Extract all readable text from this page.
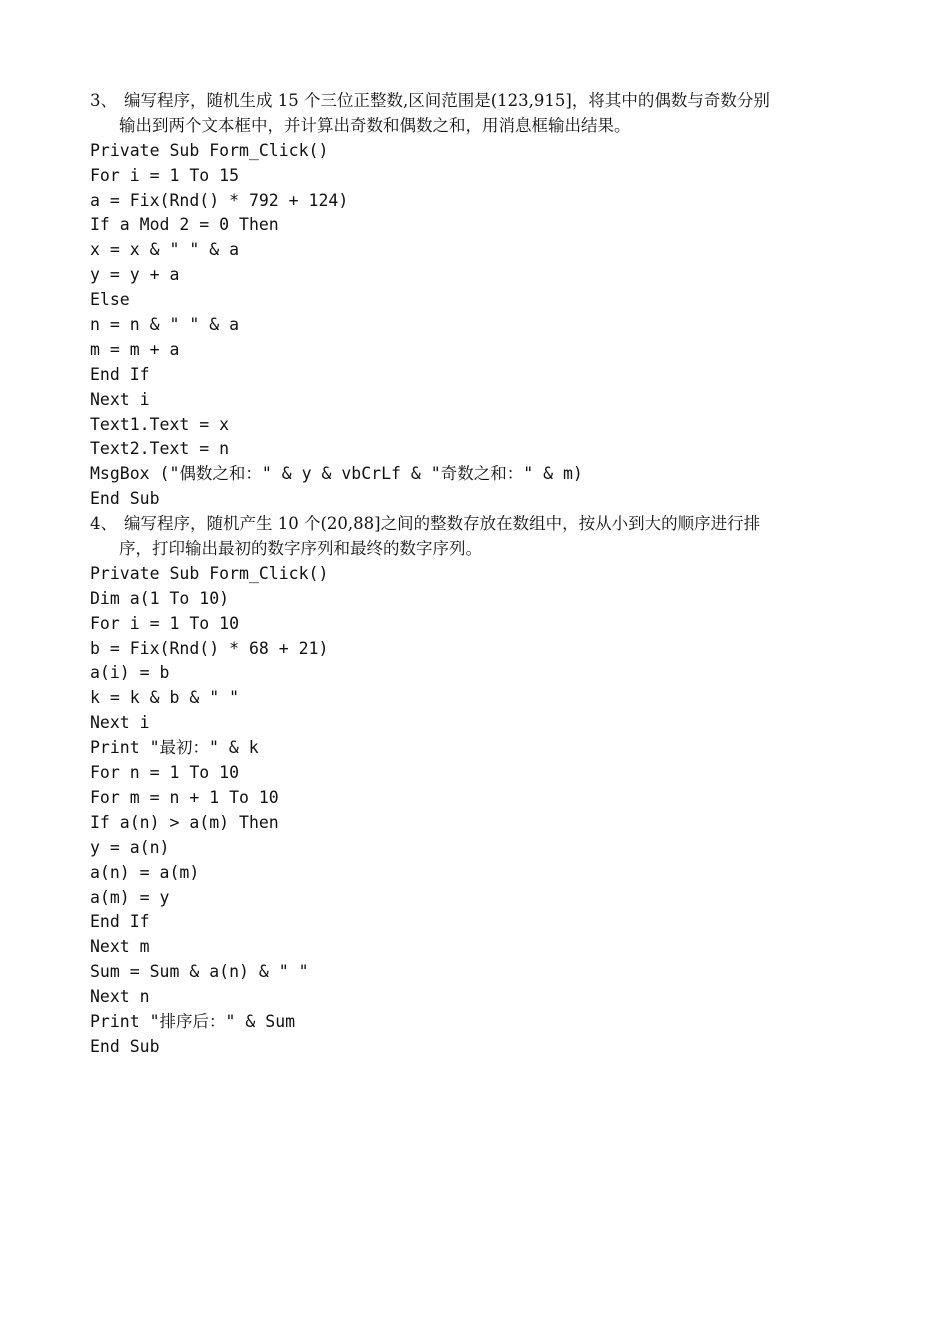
3、 编写程序，随机生成 15 个三位正整数,区间范围是(123,915]，将其中的偶数与奇数分别
输出到两个文本框中，并计算出奇数和偶数之和，用消息框输出结果。
Private Sub Form_Click()
For i = 1 To 15
a = Fix(Rnd() * 792 + 124)
If a Mod 2 = 0 Then
x = x & " " & a
y = y + a
Else
n = n & " " & a
m = m + a
End If
Next i
Text1.Text = x
Text2.Text = n
MsgBox ("偶数之和：" & y & vbCrLf & "奇数之和：" & m)
End Sub
4、 编写程序，随机产生 10 个(20,88]之间的整数存放在数组中，按从小到大的顺序进行排
序，打印输出最初的数字序列和最终的数字序列。
Private Sub Form_Click()
Dim a(1 To 10)
For i = 1 To 10
b = Fix(Rnd() * 68 + 21)
a(i) = b
k = k & b & " "
Next i
Print "最初：" & k
For n = 1 To 10
For m = n + 1 To 10
If a(n) > a(m) Then
y = a(n)
a(n) = a(m)
a(m) = y
End If
Next m
Sum = Sum & a(n) & " "
Next n
Print "排序后：" & Sum
End Sub
